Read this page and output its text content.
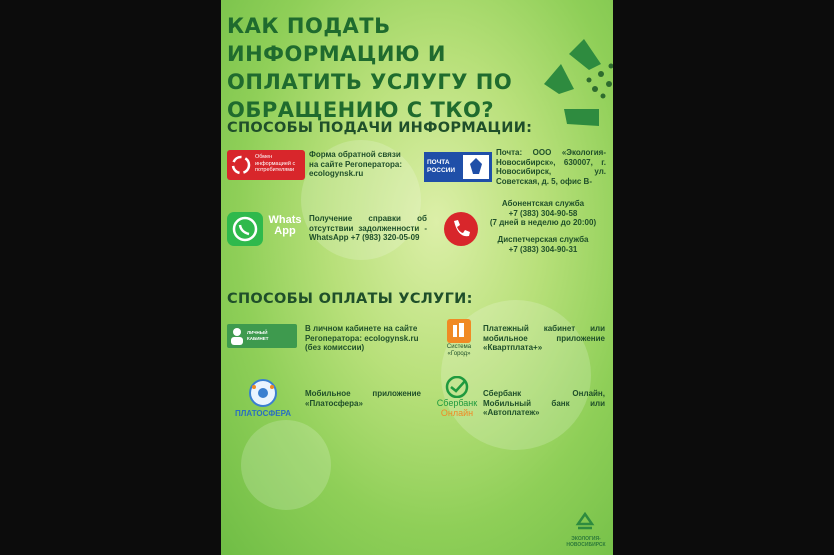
КАК ПОДАТЬ ИНФОРМАЦИЮ И ОПЛАТИТЬ УСЛУГУ ПО ОБРАЩЕНИЮ С ТКО?
СПОСОБЫ ПОДАЧИ ИНФОРМАЦИИ:
Обмен информацией с потребителями
Форма обратной связи на сайте Регоператора: ecologynsk.ru
ПОЧТА РОССИИ
Почта: ООО «Экология-Новосибирск», 630007, г. Новосибирск, ул. Советская, д. 5, офис В-
Whats App
Получение справки об отсутствии задолженности - WhatsApp +7 (983) 320-05-09
Абонентская служба
+7 (383) 304-90-58
(7 дней в неделю до 20:00)
Диспетчерская служба
+7 (383) 304-90-31
СПОСОБЫ ОПЛАТЫ УСЛУГИ:
ЛИЧНЫЙ КАБИНЕТ
В личном кабинете на сайте Регоператора: ecologynsk.ru (без комиссии)	Система «Город»
Платежный кабинет или мобильное приложение «Квартплата+»
ПЛАТОСФЕРА
Мобильное приложение «Платосфера»	Сбербанк
Онлайн
Сбербанк Онлайн, Мобильный банк или «Автоплатеж»
ЭКОЛОГИЯ-НОВОСИБИРСК
